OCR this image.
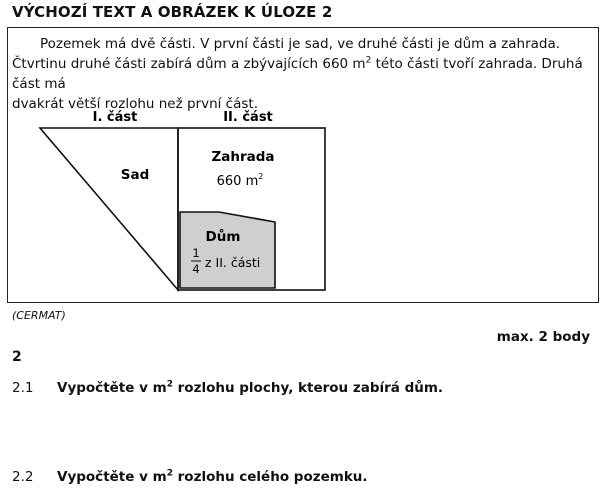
VÝCHOZÍ TEXT A OBRÁZEK K ÚLOZE 2

Pozemek má dvě části. V první části je sad, ve druhé části je dům a zahrada.

Čtvrtinu druhé části zabírá dům a zbývajících 660 $m^2$ této části tvoří zahrada. Druhá část má

dvakrát větší rozlohu než první část.

I. část	II. část
Sad
Zahrada
660 $m^2$
Dům
1
4 z II. části
(CERMAT)
max. 2 body
2
2.1 Vypočtěte v $m^2$ rozlohu plochy, kterou zabírá dům.
2.2 Vypočtěte v $m^2$ rozlohu celého pozemku.
